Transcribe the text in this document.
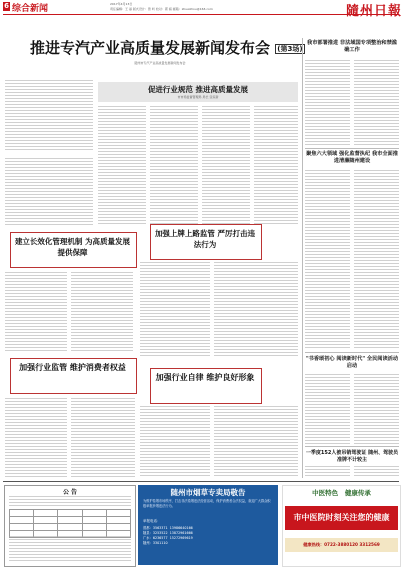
6 综合新闻	2017年4月13日
责任编辑：王 丽 版式设计：曾 昕 校对：郭 娟 邮箱：zhsuizhou@163.com	隨州日報
推进专汽产业高质量发展新闻发布会 (第3场)
随州市专汽产业高质量发展新闻发布会
促进行业规范 推进高质量发展
市市场监督管理局 局长 张家新
建立长效化管理机制 为高质量发展提供保障
加强上牌上路监管 严厉打击违法行为
加强行业监管 维护消费者权益
加强行业自律 维护良好形象
我市部署推进 非法域国专项整治和禁滥确工作
聚焦六大领域 强化监督执纪 我市全面推进清廉随州建设
"书香颂初心 阅读新时代" 全民阅读活动启动
一季度152人被吊销驾驶证 随州、驾驶员准牌不计较主
公 告

					随州市烟草专卖局敬告
为维护卷烟市场秩序，打击非法卷烟违法经营活动，保护消费者合法权益，欢迎广大群众积极举报涉烟违法行为。
举报电话：
曾都：3563371 13986640166
随县：3253522 13872961666
广水：6236577 15272969619
随州：3301110
中医特色 健康传承
市中医院时刻关注您的健康
健康热线：0722-3880120 3312569
